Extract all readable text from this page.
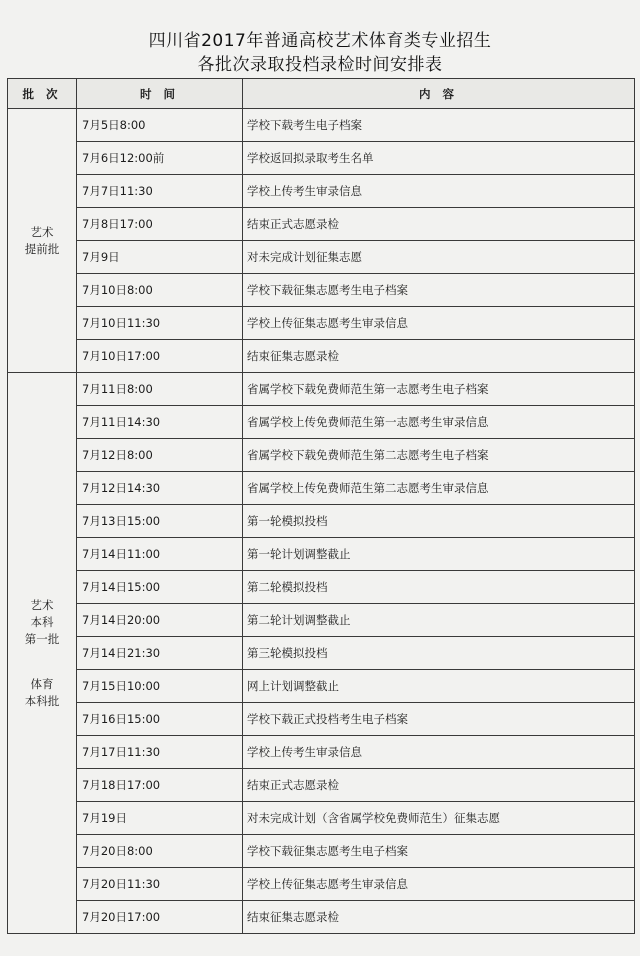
四川省2017年普通高校艺术体育类专业招生
各批次录取投档录检时间安排表
批 次	时 间	内 容

艺术
提前批	7月5日8:00	学校下载考生电子档案
	7月6日12:00前	学校返回拟录取考生名单
	7月7日11:30	学校上传考生审录信息
	7月8日17:00	结束正式志愿录检
	7月9日	对未完成计划征集志愿
	7月10日8:00	学校下载征集志愿考生电子档案
	7月10日11:30	学校上传征集志愿考生审录信息
	7月10日17:00	结束征集志愿录检

艺术
本科
第一批
体育
本科批	7月11日8:00	省属学校下载免费师范生第一志愿考生电子档案
	7月11日14:30	省属学校上传免费师范生第一志愿考生审录信息
	7月12日8:00	省属学校下载免费师范生第二志愿考生电子档案
	7月12日14:30	省属学校上传免费师范生第二志愿考生审录信息
	7月13日15:00	第一轮模拟投档
	7月14日11:00	第一轮计划调整截止
	7月14日15:00	第二轮模拟投档
	7月14日20:00	第二轮计划调整截止
	7月14日21:30	第三轮模拟投档
	7月15日10:00	网上计划调整截止
	7月16日15:00	学校下载正式投档考生电子档案
	7月17日11:30	学校上传考生审录信息
	7月18日17:00	结束正式志愿录检
	7月19日	对未完成计划（含省属学校免费师范生）征集志愿
	7月20日8:00	学校下载征集志愿考生电子档案
	7月20日11:30	学校上传征集志愿考生审录信息
	7月20日17:00	结束征集志愿录检
